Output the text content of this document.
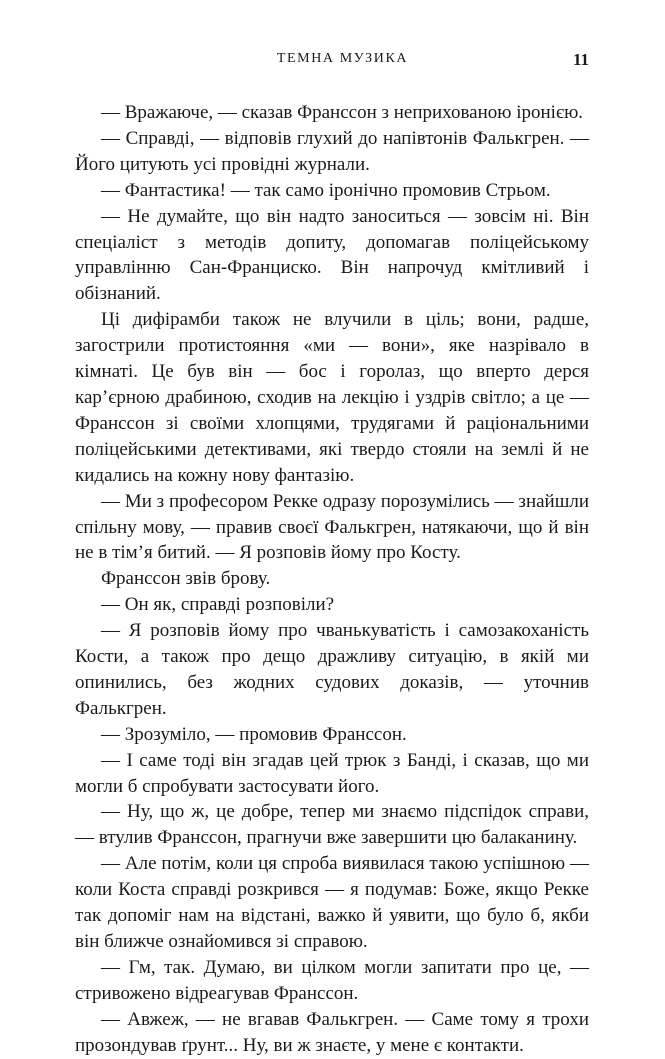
ТЕМНА МУЗИКА	11

— Вражаюче, — сказав Франссон з неприхованою іронією.

— Справді, — відповів глухий до напівтонів Фалькгрен. — Його цитують усі провідні журнали.

— Фантастика! — так само іронічно промовив Стрьом.

— Не думайте, що він надто заноситься — зовсім ні. Він спеціаліст з методів допиту, допомагав поліцейському управлінню Сан-Франциско. Він напрочуд кмітливий і обізнаний.

Ці дифірамби також не влучили в ціль; вони, радше, загострили протистояння «ми — вони», яке назрівало в кімнаті. Це був він — бос і горолаз, що вперто дерся кар’єрною драбиною, сходив на лекцію і уздрів світло; а це — Франссон зі своїми хлопцями, трудягами й раціональними поліцейськими детективами, які твердо стояли на землі й не кидались на кожну нову фантазію.

— Ми з професором Рекке одразу порозумілись — знайшли спільну мову, — правив своєї Фалькгрен, натякаючи, що й він не в тім’я битий. — Я розповів йому про Косту.

Франссон звів брову.

— Он як, справді розповіли?

— Я розповів йому про чванькуватість і самозакоханість Кости, а також про дещо дражливу ситуацію, в якій ми опинились, без жодних судових доказів, — уточнив Фалькгрен.

— Зрозуміло, — промовив Франссон.

— І саме тоді він згадав цей трюк з Банді, і сказав, що ми могли б спробувати застосувати його.

— Ну, що ж, це добре, тепер ми знаємо підспідок справи, — втулив Франссон, прагнучи вже завершити цю балаканину.

— Але потім, коли ця спроба виявилася такою успішною — коли Коста справді розкрився — я подумав: Боже, якщо Рекке так допоміг нам на відстані, важко й уявити, що було б, якби він ближче ознайомився зі справою.

— Гм, так. Думаю, ви цілком могли запитати про це, — стривожено відреагував Франссон.

— Авжеж, — не вгавав Фалькгрен. — Саме тому я трохи прозондував ґрунт... Ну, ви ж знаєте, у мене є контакти.
